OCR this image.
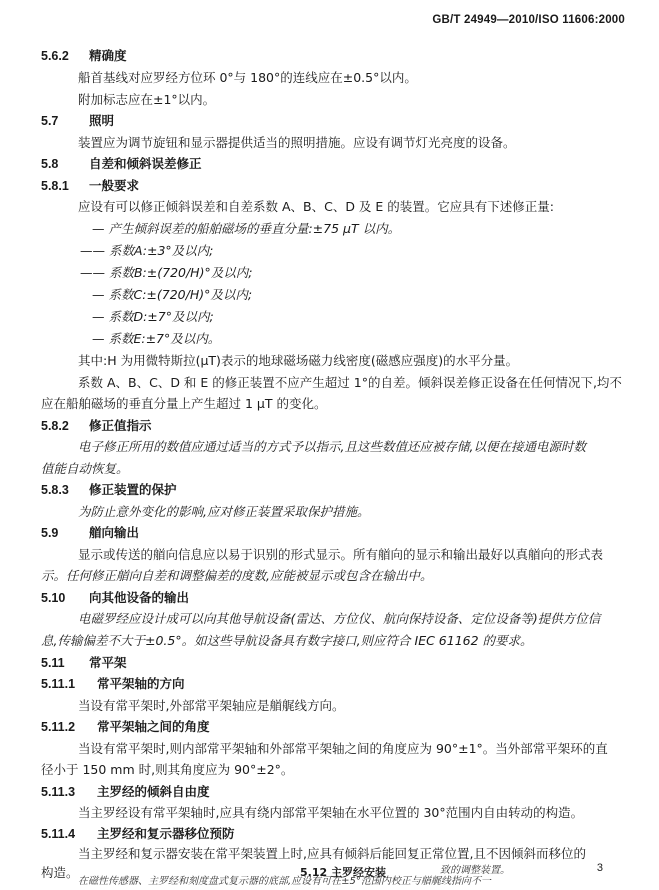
GB/T 24949—2010/ISO 11606:2000
5.6.2 精确度
船首基线对应罗经方位环 0°与 180°的连线应在±0.5°以内。
附加标志应在±1°以内。
5.7 照明
装置应为调节旋钮和显示器提供适当的照明措施。应设有调节灯光亮度的设备。
5.8 自差和倾斜误差修正
5.8.1 一般要求
应设有可以修正倾斜误差和自差系数 A、B、C、D 及 E 的装置。它应具有下述修正量:
— 产生倾斜误差的船舶磁场的垂直分量:±75 μT 以内。
—— 系数A:±3°及以内;
—— 系数B:±(720/H)°及以内;
— 系数C:±(720/H)°及以内;
— 系数D:±7°及以内;
— 系数E:±7°及以内。
其中:H 为用微特斯拉(μT)表示的地球磁场磁力线密度(磁感应强度)的水平分量。
系数 A、B、C、D 和 E 的修正装置不应产生超过 1°的自差。倾斜误差修正设备在任何情况下,均不
应在船舶磁场的垂直分量上产生超过 1 μT 的变化。
5.8.2 修正值指示
电子修正所用的数值应通过适当的方式予以指示,且这些数值还应被存储,以便在接通电源时数
值能自动恢复。
5.8.3 修正装置的保护
为防止意外变化的影响,应对修正装置采取保护措施。
5.9 艏向输出
显示或传送的艏向信息应以易于识别的形式显示。所有艏向的显示和输出最好以真艏向的形式表
示。任何修正艏向自差和调整偏差的度数,应能被显示或包含在输出中。
5.10 向其他设备的输出
电磁罗经应设计成可以向其他导航设备(雷达、方位仪、航向保持设备、定位设备等)提供方位信
息,传输偏差不大于±0.5°。如这些导航设备具有数字接口,则应符合 IEC 61162 的要求。
5.11 常平架
5.11.1 常平架轴的方向
当设有常平架时,外部常平架轴应是艏艉线方向。
5.11.2 常平架轴之间的角度
当设有常平架时,则内部常平架轴和外部常平架轴之间的角度应为 90°±1°。当外部常平架环的直
径小于 150 mm 时,则其角度应为 90°±2°。
5.11.3 主罗经的倾斜自由度
当主罗经设有常平架轴时,应具有绕内部常平架轴在水平位置的 30°范围内自由转动的构造。
5.11.4 主罗经和复示器移位预防
当主罗经和复示器安装在常平架装置上时,应具有倾斜后能回复正常位置,且不因倾斜而移位的
构造。	5.12 主罗经安装
在磁性传感器、主罗经和刻度盘式复示器的底部,应设有可在±5°范围内校正与艏艉线指向不一
致的调整装置。	3
